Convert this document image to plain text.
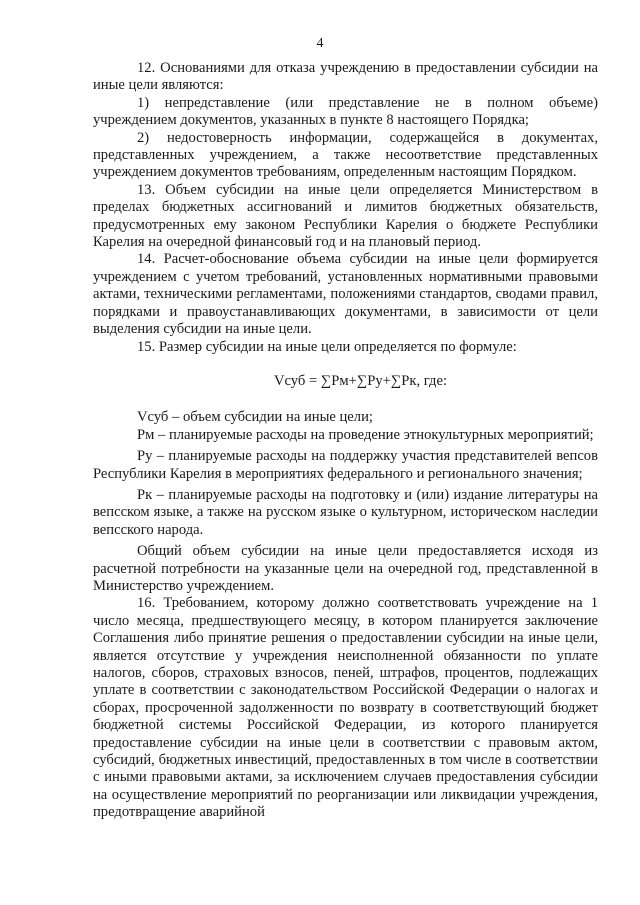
4

12. Основаниями для отказа учреждению в предоставлении субсидии на иные цели являются:

1) непредставление (или представление не в полном объеме) учреждением документов, указанных в пункте 8 настоящего Порядка;

2) недостоверность информации, содержащейся в документах, представленных учреждением, а также несоответствие представленных учреждением документов требованиям, определенным настоящим Порядком.

13. Объем субсидии на иные цели определяется Министерством в пределах бюджетных ассигнований и лимитов бюджетных обязательств, предусмотренных ему законом Республики Карелия о бюджете Республики Карелия на очередной финансовый год и на плановый период.

14. Расчет-обоснование объема субсидии на иные цели формируется учреждением с учетом требований, установленных нормативными правовыми актами, техническими регламентами, положениями стандартов, сводами правил, порядками и правоустанавливающих документами, в зависимости от цели выделения субсидии на иные цели.

15. Размер субсидии на иные цели определяется по формуле:

Vсуб = ∑Рм+∑Ру+∑Рк, где:

Vсуб – объем субсидии на иные цели;

Рм – планируемые расходы на проведение этнокультурных мероприятий;

Ру – планируемые расходы на поддержку участия представителей вепсов Республики Карелия в мероприятиях федерального и регионального значения;

Рк – планируемые расходы на подготовку и (или) издание литературы на вепсском языке, а также на русском языке о культурном, историческом наследии вепсского народа.

Общий объем субсидии на иные цели предоставляется исходя из расчетной потребности на указанные цели на очередной год, представленной в Министерство учреждением.

16. Требованием, которому должно соответствовать учреждение на 1 число месяца, предшествующего месяцу, в котором планируется заключение Соглашения либо принятие решения о предоставлении субсидии на иные цели, является отсутствие у учреждения неисполненной обязанности по уплате налогов, сборов, страховых взносов, пеней, штрафов, процентов, подлежащих уплате в соответствии с законодательством Российской Федерации о налогах и сборах, просроченной задолженности по возврату в соответствующий бюджет бюджетной системы Российской Федерации, из которого планируется предоставление субсидии на иные цели в соответствии с правовым актом, субсидий, бюджетных инвестиций, предоставленных в том числе в соответствии с иными правовыми актами, за исключением случаев предоставления субсидии на осуществление мероприятий по реорганизации или ликвидации учреждения, предотвращение аварийной
